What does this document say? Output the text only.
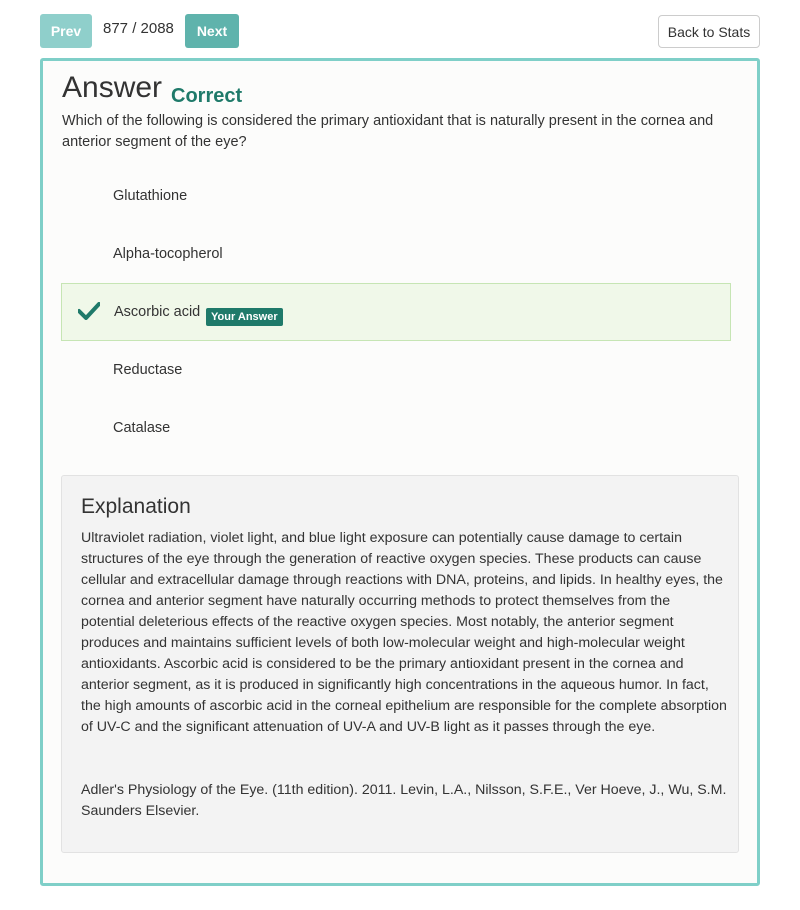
Prev	877 / 2088	Next	Back to Stats
Answer Correct

Which of the following is considered the primary antioxidant that is naturally present in the cornea and anterior segment of the eye?

Glutathione
Alpha-tocopherol
Ascorbic acid Your Answer
Reductase
Catalase
Explanation

Ultraviolet radiation, violet light, and blue light exposure can potentially cause damage to certain structures of the eye through the generation of reactive oxygen species. These products can cause cellular and extracellular damage through reactions with DNA, proteins, and lipids. In healthy eyes, the cornea and anterior segment have naturally occurring methods to protect themselves from the potential deleterious effects of the reactive oxygen species. Most notably, the anterior segment produces and maintains sufficient levels of both low-molecular weight and high-molecular weight antioxidants. Ascorbic acid is considered to be the primary antioxidant present in the cornea and anterior segment, as it is produced in significantly high concentrations in the aqueous humor. In fact, the high amounts of ascorbic acid in the corneal epithelium are responsible for the complete absorption of UV-C and the significant attenuation of UV-A and UV-B light as it passes through the eye.

Adler's Physiology of the Eye. (11th edition). 2011. Levin, L.A., Nilsson, S.F.E., Ver Hoeve, J., Wu, S.M. Saunders Elsevier.
